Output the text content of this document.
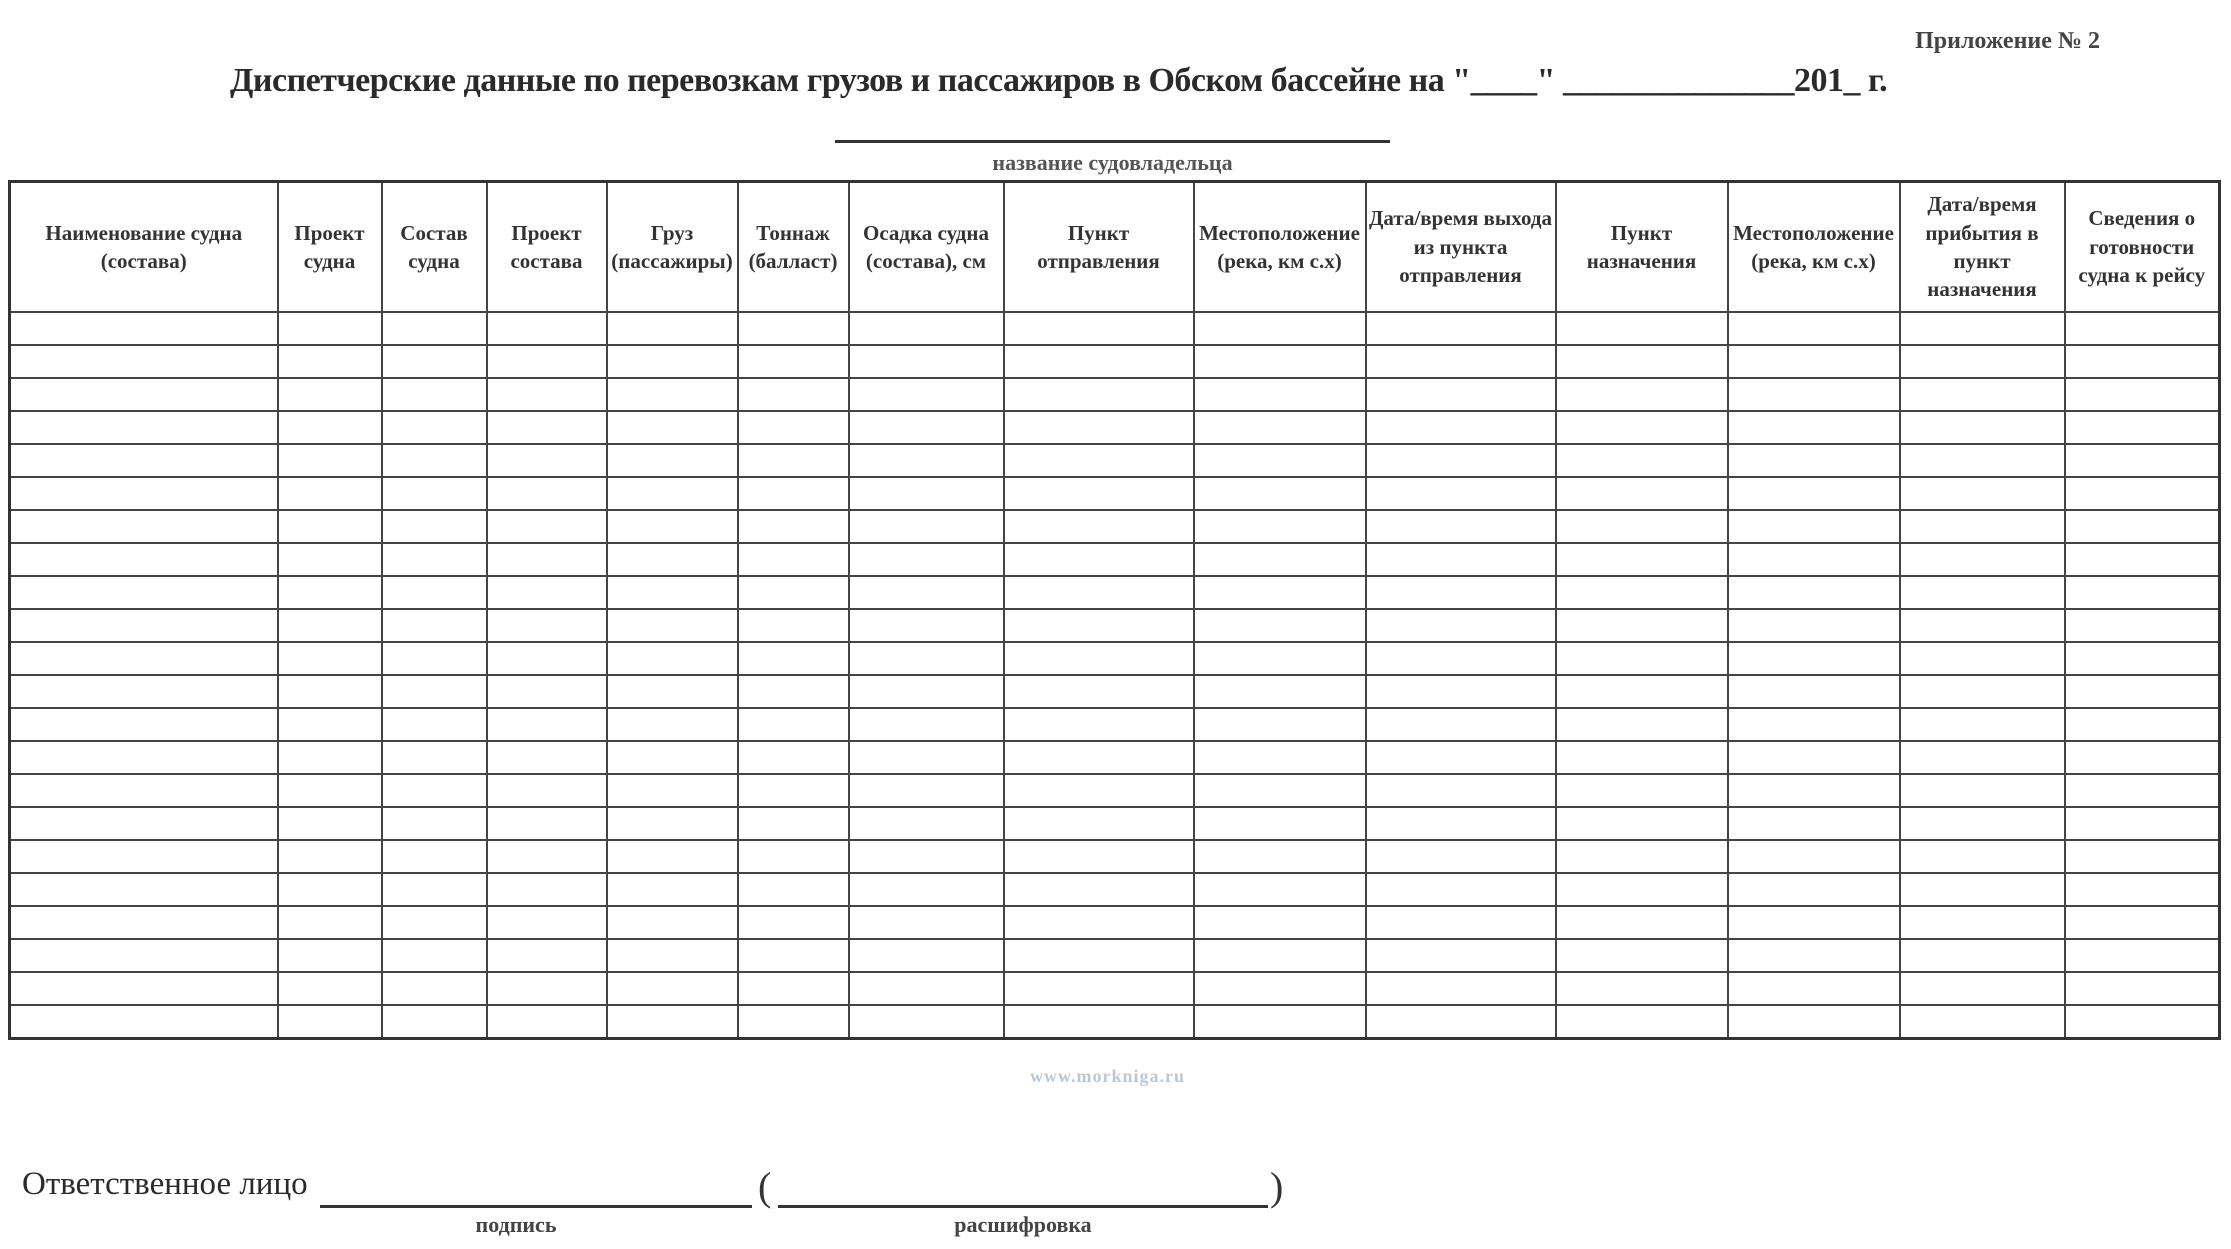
Приложение № 2
Диспетчерские данные по перевозкам грузов и пассажиров в Обском бассейне на "____" ______________201_ г.
название судовладельца
Наименование судна (состава)	Проект судна	Состав судна	Проект состава	Груз (пассажиры)	Тоннаж (балласт)	Осадка судна (состава), см	Пункт отправления	Местоположение (река, км с.х)	Дата/время выхода из пункта отправления	Пункт назначения	Местоположение (река, км с.х)	Дата/время прибытия в пункт назначения	Сведения о готовности судна к рейсу

www.morkniga.ru
Ответственное лицо
подпись
(	)
расшифровка
